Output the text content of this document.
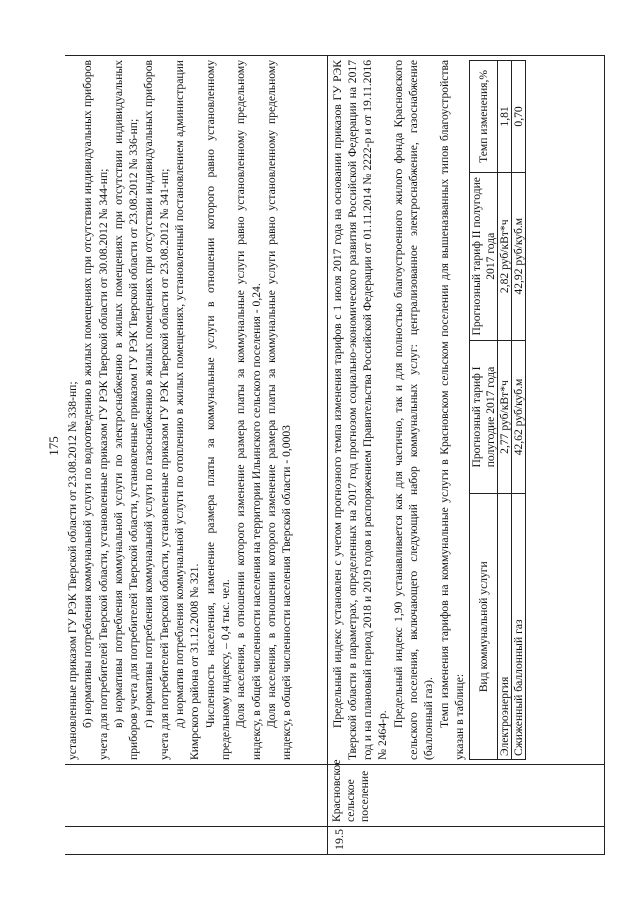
175
		установленные приказом ГУ РЭК Тверской области от 23.08.2012 № 338-нп; б) нормативы потребления коммунальной услуги по водоотведению в жилых помещениях при отсутствии индивидуальных приборов учета для потребителей Тверской области, установленные приказом ГУ РЭК Тверской области от 30.08.2012 № 344-нп; в) нормативы потребления коммунальной услуги по электроснабжению в жилых помещениях при отсутствии индивидуальных приборов учета для потребителей Тверской области, установленные приказом ГУ РЭК Тверской области от 23.08.2012 № 336-нп; г) нормативы потребления коммунальной услуги по газоснабжению в жилых помещениях при отсутствии индивидуальных приборов учета для потребителей Тверской области, установленные приказом ГУ РЭК Тверской области от 23.08.2012 № 341-нп; д) норматив потребления коммунальной услуги по отоплению в жилых помещениях, установленный постановлением администрации Кимрского района от 31.12.2008 № 321. Численность населения, изменение размера платы за коммунальные услуги в отношении которого равно установленному предельному индексу, – 0,4 тыс. чел. Доля населения, в отношении которого изменение размера платы за коммунальные услуги равно установленному предельному индексу, в общей численности населения на территории Ильинского сельского поселения - 0,24. Доля населения, в отношении которого изменение размера платы за коммунальные услуги равно установленному предельному индексу, в общей численности населения Тверской области - 0,0003

19.5	Красновское сельское поселение	

Предельный индекс установлен с учетом прогнозного темпа изменения тарифов с 1 июля 2017 года на основании приказов ГУ РЭК Тверской области в параметрах, определенных на 2017 год прогнозом социально-экономического развития Российской Федерации на 2017 год и на плановый период 2018 и 2019 годов и распоряжением Правительства Российской Федерации от 01.11.2014 № 2222-р и от 19.11.2016 № 2464-р.

Предельный индекс 1,90 устанавливается как для частично, так и для полностью благоустроенного жилого фонда Красновского сельского поселения, включающего следующий набор коммунальных услуг: централизованное электроснабжение, газоснабжение (баллонный газ). Темп изменения тарифов на коммунальные услуги в Красновском сельском поселении для вышеназванных типов благоустройства указан в таблице:

Вид коммунальной услуги	Прогнозный тариф I полугодие 2017 года	Прогнозный тариф II полугодие 2017 года	Темп изменения,%
Электроэнергия	2,77 руб/кВт*ч	2,82 руб/кВт*ч	1,81
Сжиженный баллонный газ	42,62 руб/куб.м	42,92 руб/куб.м	0,70
